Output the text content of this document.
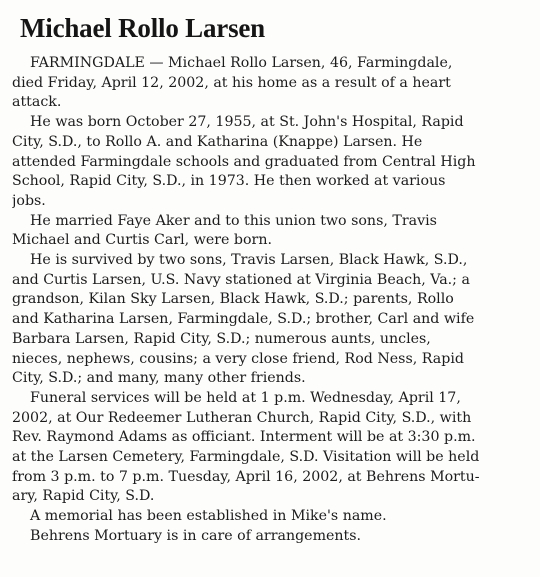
Michael Rollo Larsen

FARMINGDALE — Michael Rollo Larsen, 46, Farmingdale,
died Friday, April 12, 2002, at his home as a result of a heart
attack.

He was born October 27, 1955, at St. John's Hospital, Rapid
City, S.D., to Rollo A. and Katharina (Knappe) Larsen. He
attended Farmingdale schools and graduated from Central High
School, Rapid City, S.D., in 1973. He then worked at various
jobs.

He married Faye Aker and to this union two sons, Travis
Michael and Curtis Carl, were born.

He is survived by two sons, Travis Larsen, Black Hawk, S.D.,
and Curtis Larsen, U.S. Navy stationed at Virginia Beach, Va.; a
grandson, Kilan Sky Larsen, Black Hawk, S.D.; parents, Rollo
and Katharina Larsen, Farmingdale, S.D.; brother, Carl and wife
Barbara Larsen, Rapid City, S.D.; numerous aunts, uncles,
nieces, nephews, cousins; a very close friend, Rod Ness, Rapid
City, S.D.; and many, many other friends.

Funeral services will be held at 1 p.m. Wednesday, April 17,
2002, at Our Redeemer Lutheran Church, Rapid City, S.D., with
Rev. Raymond Adams as officiant. Interment will be at 3:30 p.m.
at the Larsen Cemetery, Farmingdale, S.D. Visitation will be held
from 3 p.m. to 7 p.m. Tuesday, April 16, 2002, at Behrens Mortu-
ary, Rapid City, S.D.

A memorial has been established in Mike's name.

Behrens Mortuary is in care of arrangements.
